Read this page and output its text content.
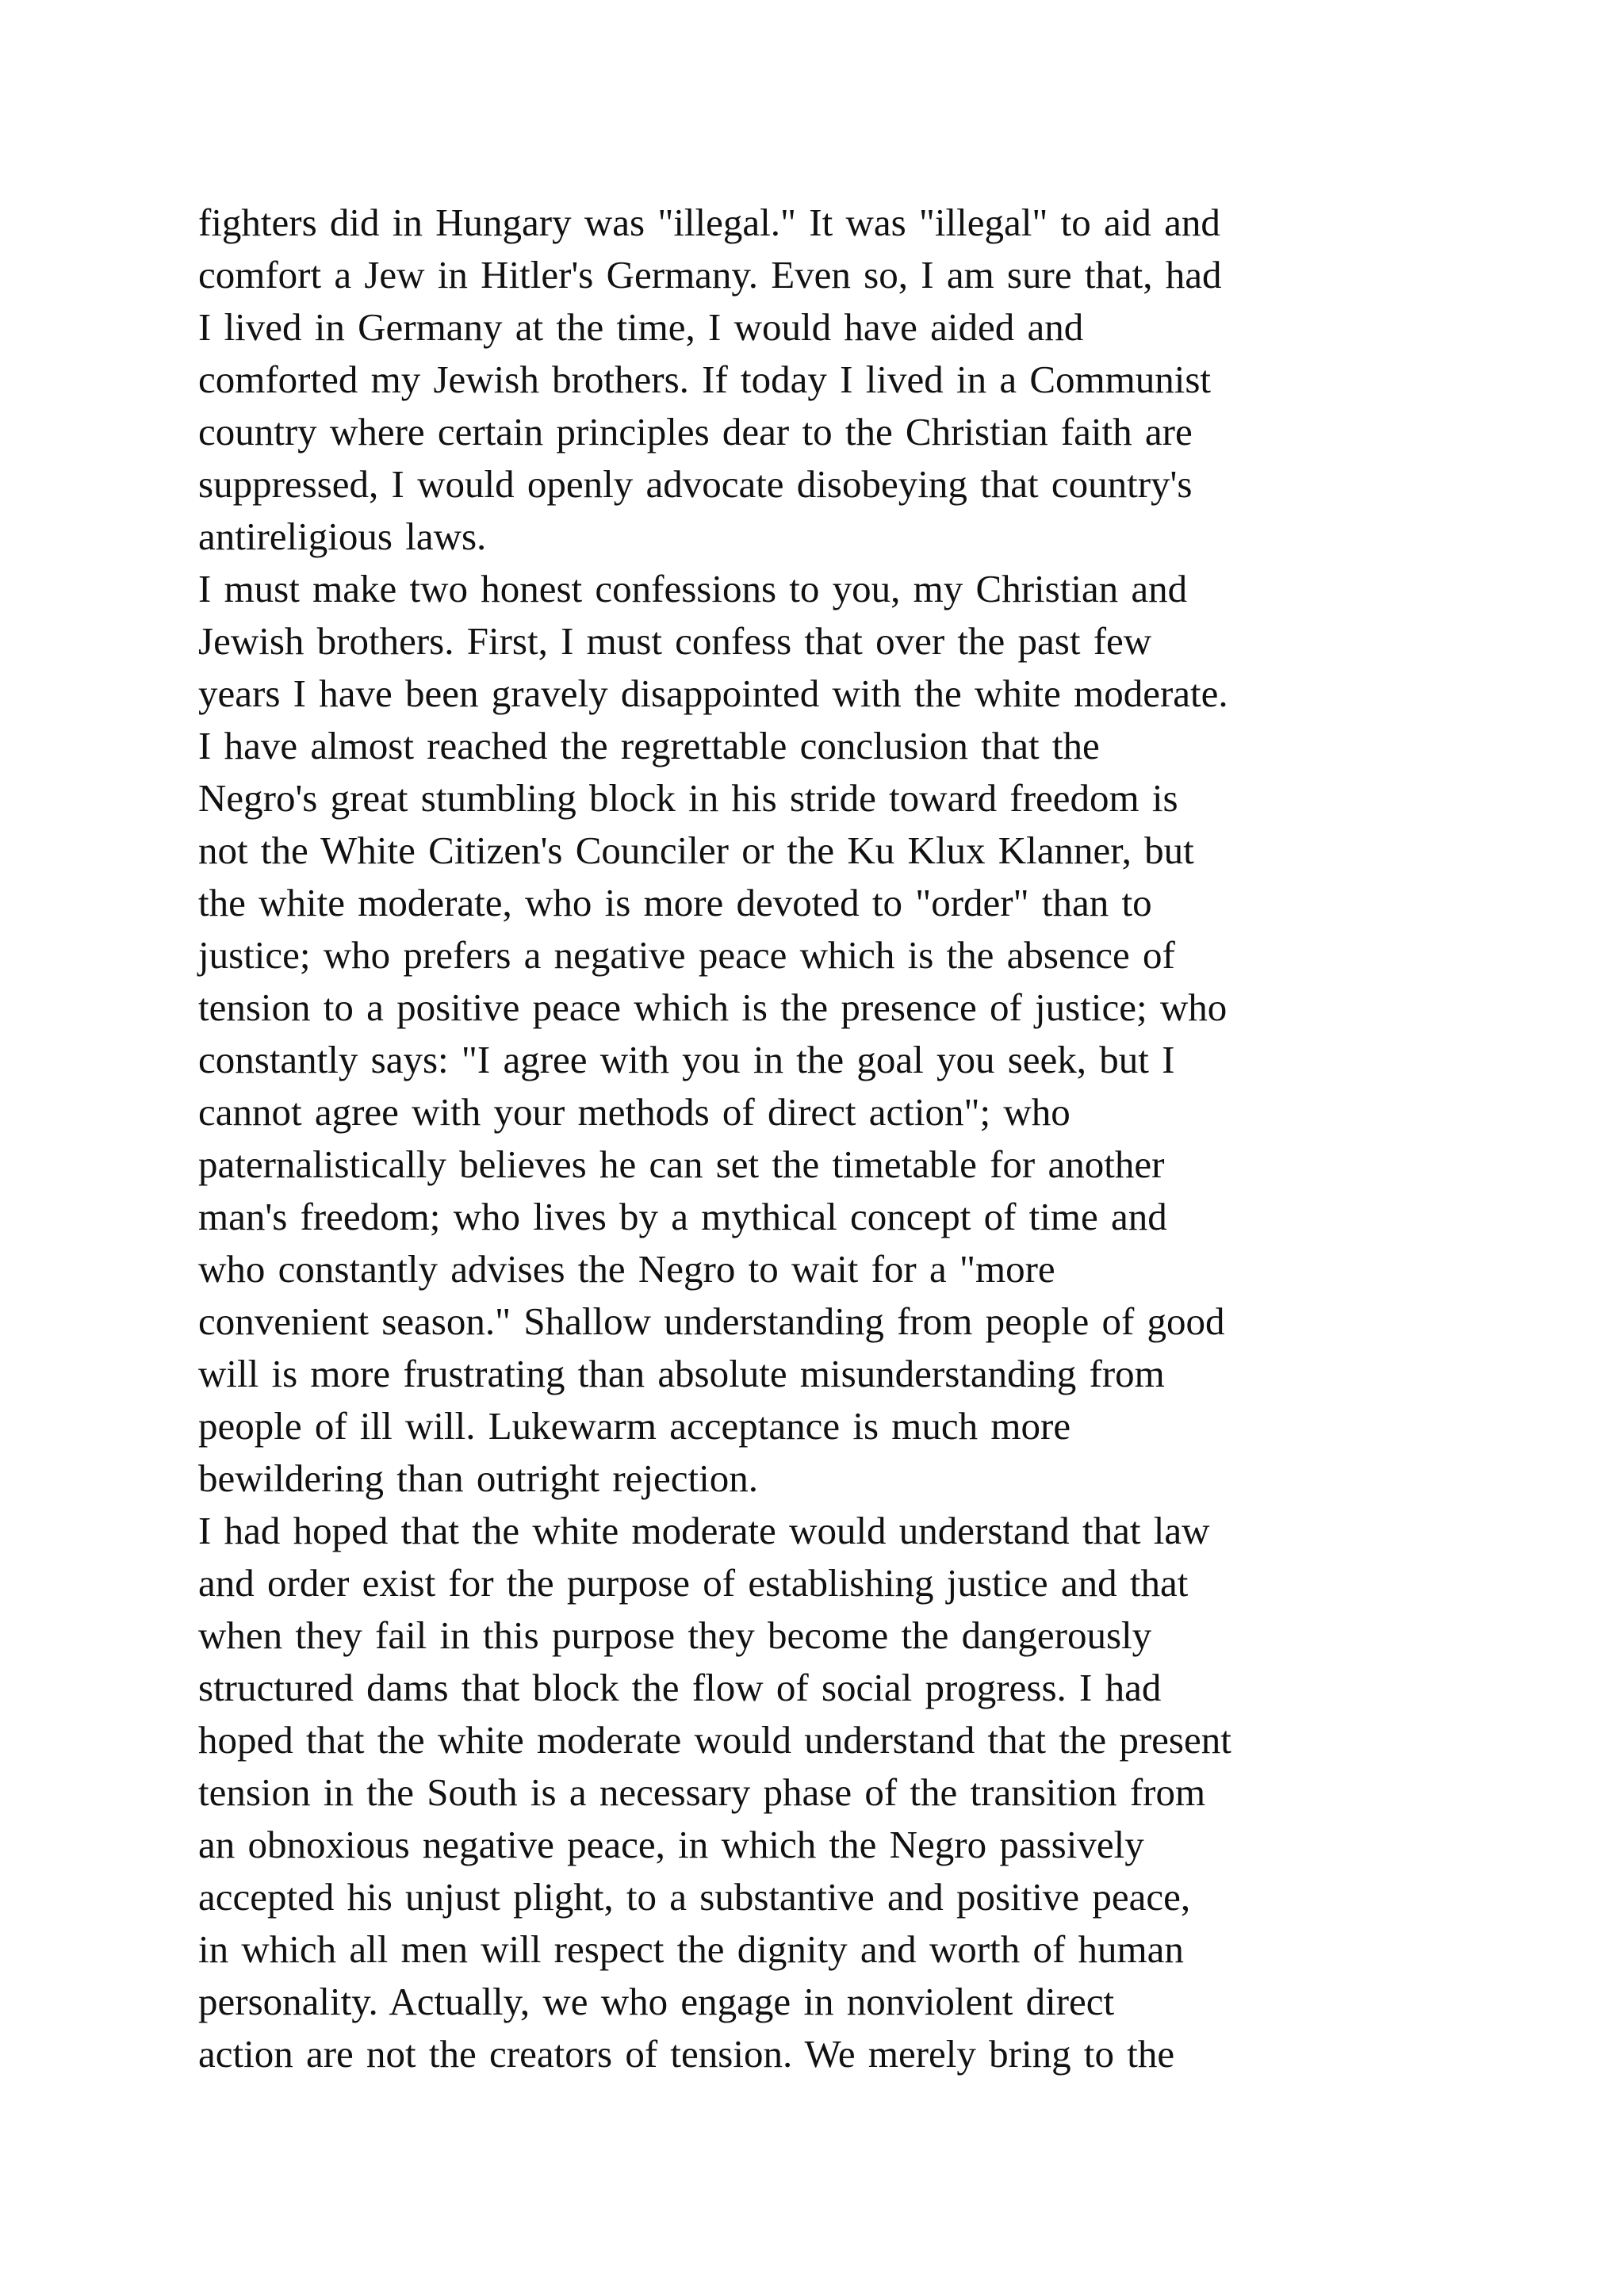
fighters did in Hungary was "illegal." It was "illegal" to aid and
comfort a Jew in Hitler's Germany. Even so, I am sure that, had
I lived in Germany at the time, I would have aided and
comforted my Jewish brothers. If today I lived in a Communist
country where certain principles dear to the Christian faith are
suppressed, I would openly advocate disobeying that country's
antireligious laws.
I must make two honest confessions to you, my Christian and
Jewish brothers. First, I must confess that over the past few
years I have been gravely disappointed with the white moderate.
I have almost reached the regrettable conclusion that the
Negro's great stumbling block in his stride toward freedom is
not the White Citizen's Counciler or the Ku Klux Klanner, but
the white moderate, who is more devoted to "order" than to
justice; who prefers a negative peace which is the absence of
tension to a positive peace which is the presence of justice; who
constantly says: "I agree with you in the goal you seek, but I
cannot agree with your methods of direct action"; who
paternalistically believes he can set the timetable for another
man's freedom; who lives by a mythical concept of time and
who constantly advises the Negro to wait for a "more
convenient season." Shallow understanding from people of good
will is more frustrating than absolute misunderstanding from
people of ill will. Lukewarm acceptance is much more
bewildering than outright rejection.
I had hoped that the white moderate would understand that law
and order exist for the purpose of establishing justice and that
when they fail in this purpose they become the dangerously
structured dams that block the flow of social progress. I had
hoped that the white moderate would understand that the present
tension in the South is a necessary phase of the transition from
an obnoxious negative peace, in which the Negro passively
accepted his unjust plight, to a substantive and positive peace,
in which all men will respect the dignity and worth of human
personality. Actually, we who engage in nonviolent direct
action are not the creators of tension. We merely bring to the
